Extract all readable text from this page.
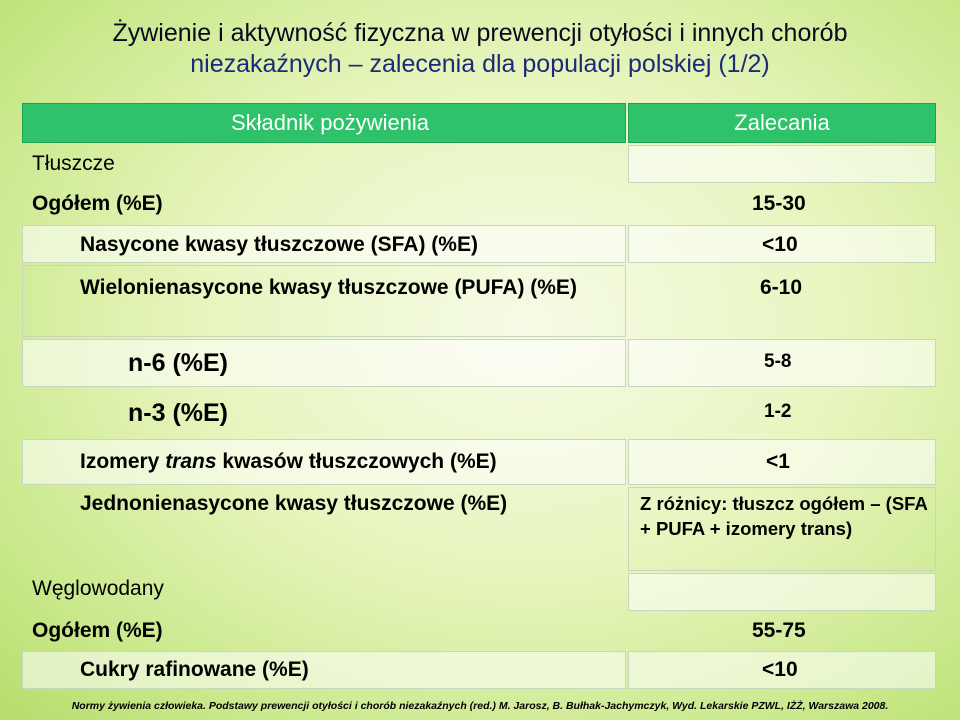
Żywienie i aktywność fizyczna w prewencji otyłości i innych chorób
niezakaźnych – zalecenia dla populacji polskiej (1/2)
Składnik pożywienia	Zalecania
Tłuszcze
Ogółem (%E)	15-30
Nasycone kwasy tłuszczowe (SFA) (%E)	<10
Wielonienasycone kwasy tłuszczowe (PUFA) (%E)	6-10
n-6 (%E)	5-8
n-3 (%E)	1-2
Izomery trans kwasów tłuszczowych (%E)	<1
Jednonienasycone kwasy tłuszczowe (%E)	Z różnicy: tłuszcz ogółem – (SFA + PUFA + izomery trans)
Węglowodany
Ogółem (%E)	55-75
Cukry rafinowane (%E)	<10
Normy żywienia człowieka. Podstawy prewencji otyłości i chorób niezakaźnych (red.) M. Jarosz, B. Bułhak-Jachymczyk, Wyd. Lekarskie PZWL, IŻŻ, Warszawa 2008.
